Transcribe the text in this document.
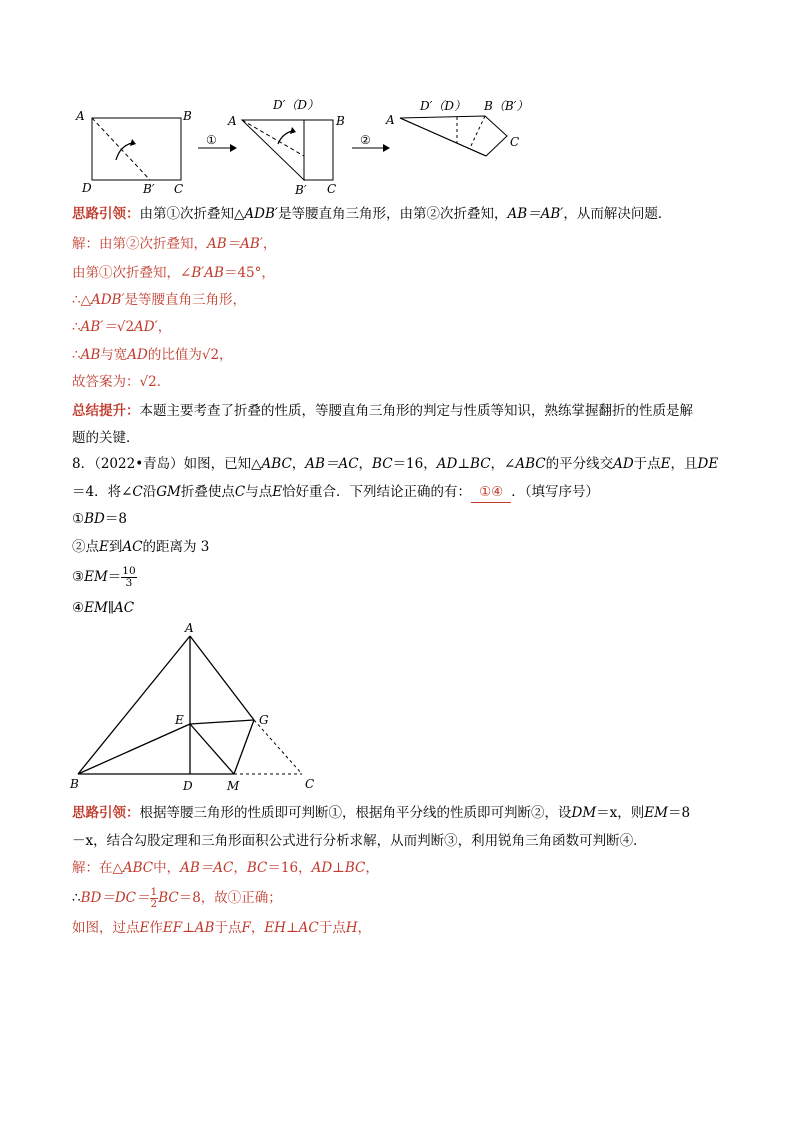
A	B
D	B′ C
①
A
D′（D）
B
B′ C
②
A
D′（D） B（B′）
C
思路引领：由第①次折叠知△ADB′是等腰直角三角形，由第②次折叠知，AB＝AB′，从而解决问题．
解：由第②次折叠知，AB＝AB′，
由第①次折叠知，∠B′AB＝45°，
∴△ADB′是等腰直角三角形，
∴AB′＝√2AD′，
∴AB与宽AD的比值为√2，
故答案为：√2．
总结提升：本题主要考查了折叠的性质，等腰直角三角形的判定与性质等知识，熟练掌握翻折的性质是解
题的关键．
8．（2022•青岛）如图，已知△ABC，AB＝AC，BC＝16，AD⊥BC，∠ABC的平分线交AD于点E，且DE
＝4．将∠C沿GM折叠使点C与点E恰好重合．下列结论正确的有： ①④ ．（填写序号）
①BD＝8
②点E到AC的距离为 3
③EM＝ $\frac{10}{3}$
④EM∥AC
A
B	C
D
E	G
M
思路引领：根据等腰三角形的性质即可判断①，根据角平分线的性质即可判断②，设DM＝x，则EM＝8
－x，结合勾股定理和三角形面积公式进行分析求解，从而判断③，利用锐角三角函数可判断④．
解：在△ABC中，AB＝AC，BC＝16，AD⊥BC，
∴BD＝DC＝ $\frac{1}{2} BC=8$，故①正确；
如图，过点E作EF⊥AB于点F，EH⊥AC于点H，
